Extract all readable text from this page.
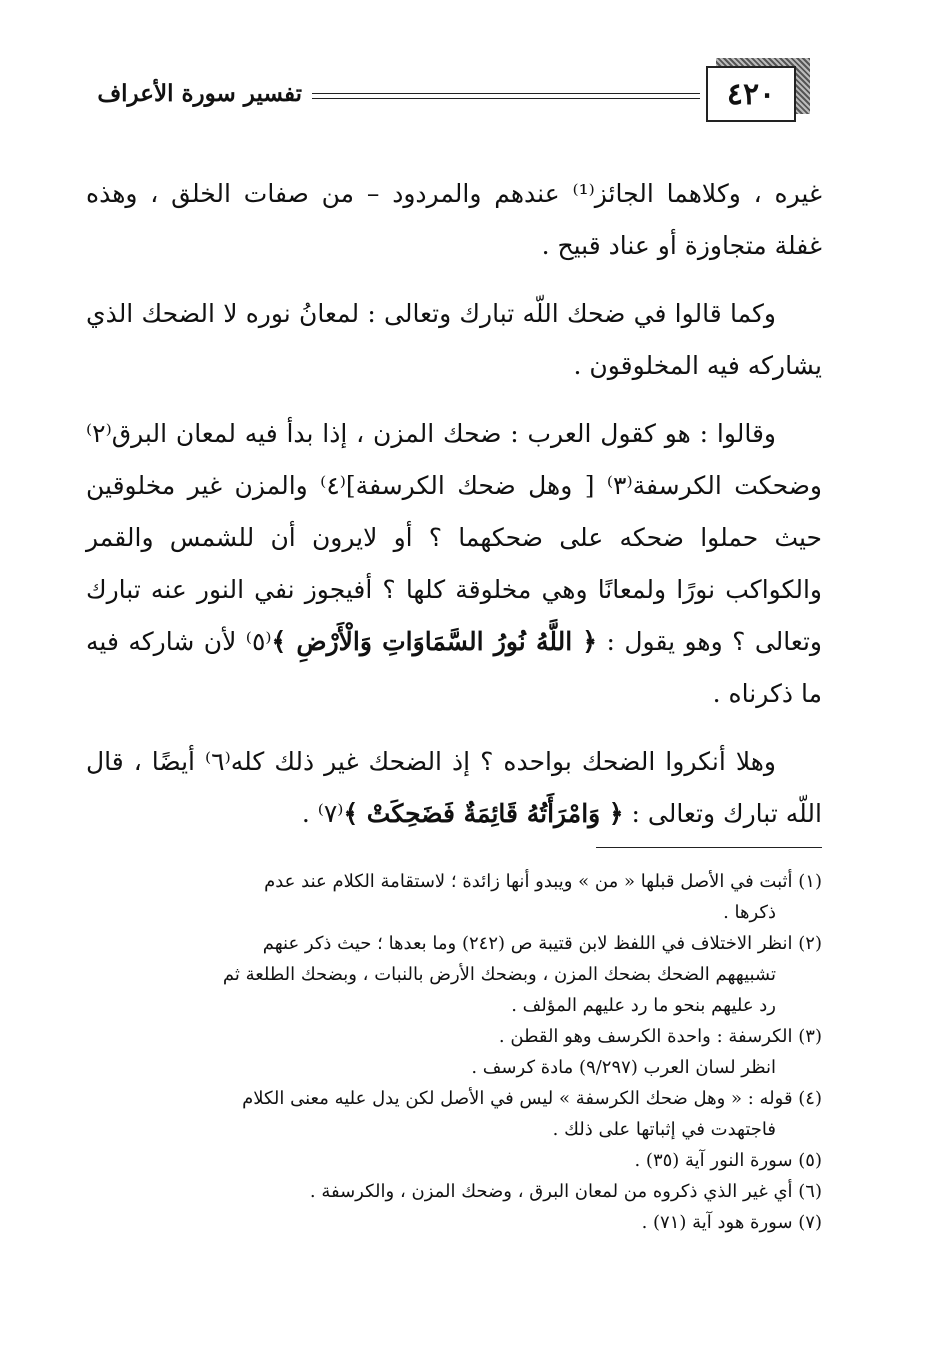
٤٢٠
تفسير سورة الأعراف

غيره ، وكلاهما الجائز⁽¹⁾ عندهم والمردود – من صفات الخلق ، وهذه غفلة متجاوزة أو عناد قبيح .

وكما قالوا في ضحك اللّه تبارك وتعالى : لمعانُ نوره لا الضحك الذي يشاركه فيه المخلوقون .

وقالوا : هو كقول العرب : ضحك المزن ، إذا بدأ فيه لمعان البرق⁽٢⁾ وضحكت الكرسفة⁽٣⁾ [ وهل ضحك الكرسفة]⁽٤⁾ والمزن غير مخلوقين حيث حملوا ضحكه على ضحكهما ؟ أو لايرون أن للشمس والقمر والكواكب نورًا ولمعانًا وهي مخلوقة كلها ؟ أفيجوز نفي النور عنه تبارك وتعالى ؟ وهو يقول : ﴿ اللَّهُ نُورُ السَّمَاوَاتِ وَالْأَرْضِ ﴾⁽٥⁾ لأن شاركه فيه ما ذكرناه .

وهلا أنكروا الضحك بواحده ؟ إذ الضحك غير ذلك كله⁽٦⁾ أيضًا ، قال اللّه تبارك وتعالى : ﴿ وَامْرَأَتُهُ قَائِمَةٌ فَضَحِكَتْ ﴾⁽٧⁾ .

(١) أثبت في الأصل قبلها « من » ويبدو أنها زائدة ؛ لاستقامة الكلام عند عدم

ذكرها .

(٢) انظر الاختلاف في اللفظ لابن قتيبة ص (٢٤٢) وما بعدها ؛ حيث ذكر عنهم

تشبيههم الضحك بضحك المزن ، وبضحك الأرض بالنبات ، وبضحك الطلعة ثم

رد عليهم بنحو ما رد عليهم المؤلف .

(٣) الكرسفة : واحدة الكرسف وهو القطن .

انظر لسان العرب (٩/٢٩٧) مادة كرسف .

(٤) قوله : « وهل ضحك الكرسفة » ليس في الأصل لكن يدل عليه معنى الكلام

فاجتهدت في إثباتها على ذلك .

(٥) سورة النور آية (٣٥) .

(٦) أي غير الذي ذكروه من لمعان البرق ، وضحك المزن ، والكرسفة .

(٧) سورة هود آية (٧١) .
